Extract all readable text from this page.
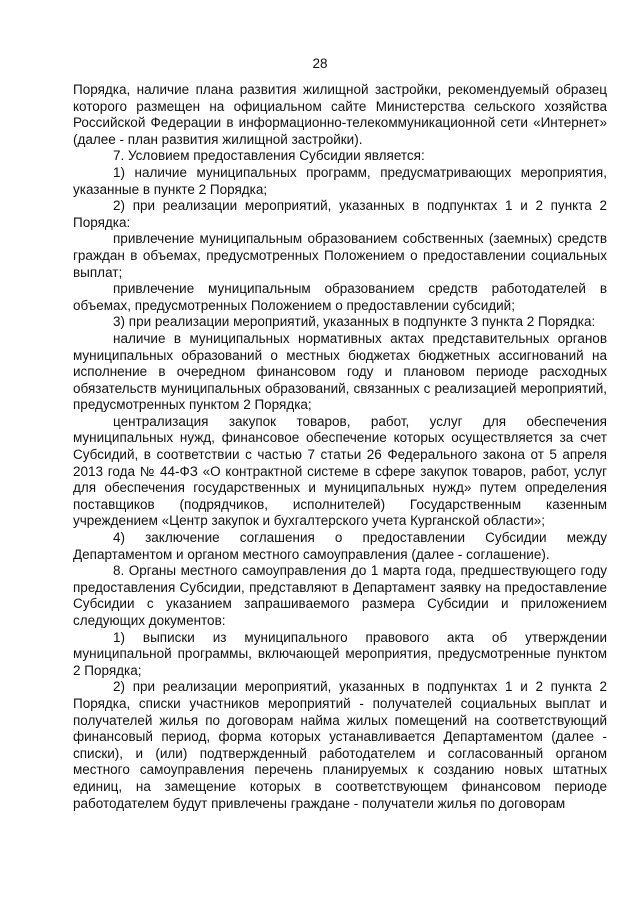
28

Порядка, наличие плана развития жилищной застройки, рекомендуемый образец которого размещен на официальном сайте Министерства сельского хозяйства Российской Федерации в информационно-телекоммуникационной сети «Интернет» (далее - план развития жилищной застройки).

7. Условием предоставления Субсидии является:

1) наличие муниципальных программ, предусматривающих мероприятия, указанные в пункте 2 Порядка;

2) при реализации мероприятий, указанных в подпунктах 1 и 2 пункта 2 Порядка:

привлечение муниципальным образованием собственных (заемных) средств граждан в объемах, предусмотренных Положением о предоставлении социальных выплат;

привлечение муниципальным образованием средств работодателей в объемах, предусмотренных Положением о предоставлении субсидий;

3) при реализации мероприятий, указанных в подпункте 3 пункта 2 Порядка:

наличие в муниципальных нормативных актах представительных органов муниципальных образований о местных бюджетах бюджетных ассигнований на исполнение в очередном финансовом году и плановом периоде расходных обязательств муниципальных образований, связанных с реализацией мероприятий, предусмотренных пунктом 2 Порядка;

централизация закупок товаров, работ, услуг для обеспечения муниципальных нужд, финансовое обеспечение которых осуществляется за счет Субсидий, в соответствии с частью 7 статьи 26 Федерального закона от 5 апреля 2013 года № 44-ФЗ «О контрактной системе в сфере закупок товаров, работ, услуг для обеспечения государственных и муниципальных нужд» путем определения поставщиков (подрядчиков, исполнителей) Государственным казенным учреждением «Центр закупок и бухгалтерского учета Курганской области»;

4) заключение соглашения о предоставлении Субсидии между Департаментом и органом местного самоуправления (далее - соглашение).

8. Органы местного самоуправления до 1 марта года, предшествующего году предоставления Субсидии, представляют в Департамент заявку на предоставление Субсидии с указанием запрашиваемого размера Субсидии и приложением следующих документов:

1) выписки из муниципального правового акта об утверждении муниципальной программы, включающей мероприятия, предусмотренные пунктом 2 Порядка;

2) при реализации мероприятий, указанных в подпунктах 1 и 2 пункта 2 Порядка, списки участников мероприятий - получателей социальных выплат и получателей жилья по договорам найма жилых помещений на соответствующий финансовый период, форма которых устанавливается Департаментом (далее - списки), и (или) подтвержденный работодателем и согласованный органом местного самоуправления перечень планируемых к созданию новых штатных единиц, на замещение которых в соответствующем финансовом периоде работодателем будут привлечены граждане - получатели жилья по договорам
